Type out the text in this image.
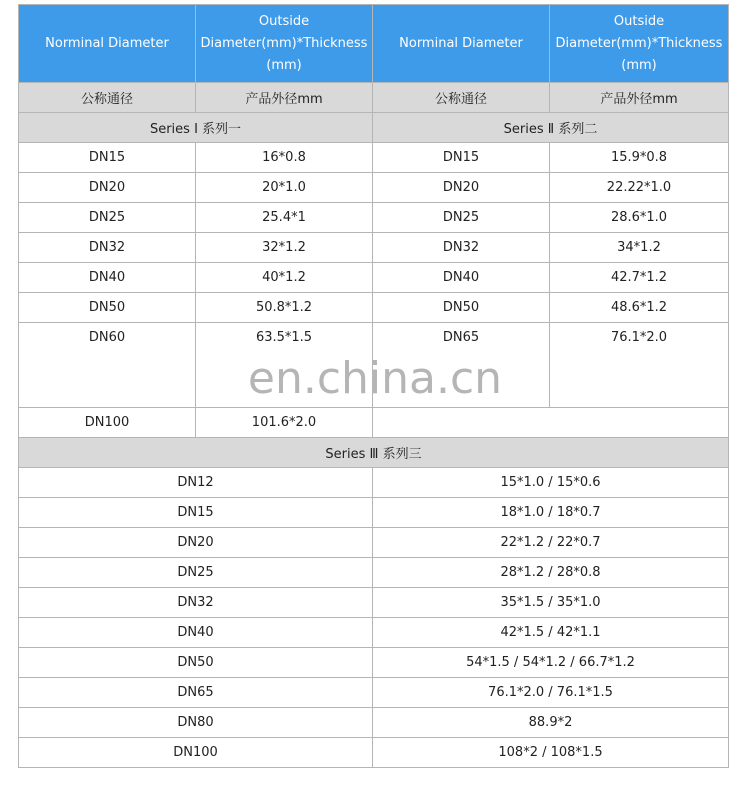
Norminal Diameter	Outside Diameter(mm)*Thickness (mm)	Norminal Diameter	Outside Diameter(mm)*Thickness (mm)
公称通径	产品外径mm	公称通径	产品外径mm
Series Ⅰ 系列一		Series Ⅱ 系列二	
DN15	16*0.8	DN15	15.9*0.8
DN20	20*1.0	DN20	22.22*1.0
DN25	25.4*1	DN25	28.6*1.0
DN32	32*1.2	DN32	34*1.2
DN40	40*1.2	DN40	42.7*1.2
DN50	50.8*1.2	DN50	48.6*1.2
DN60	63.5*1.5	DN65	76.1*2.0
DN100	101.6*2.0		
Series Ⅲ 系列三			
DN12		15*1.0 / 15*0.6	
DN15		18*1.0 / 18*0.7	
DN20		22*1.2 / 22*0.7	
DN25		28*1.2 / 28*0.8	
DN32		35*1.5 / 35*1.0	
DN40		42*1.5 / 42*1.1	
DN50		54*1.5 / 54*1.2 / 66.7*1.2	
DN65		76.1*2.0 / 76.1*1.5	
DN80		88.9*2	
DN100		108*2 / 108*1.5	
en.china.cn
